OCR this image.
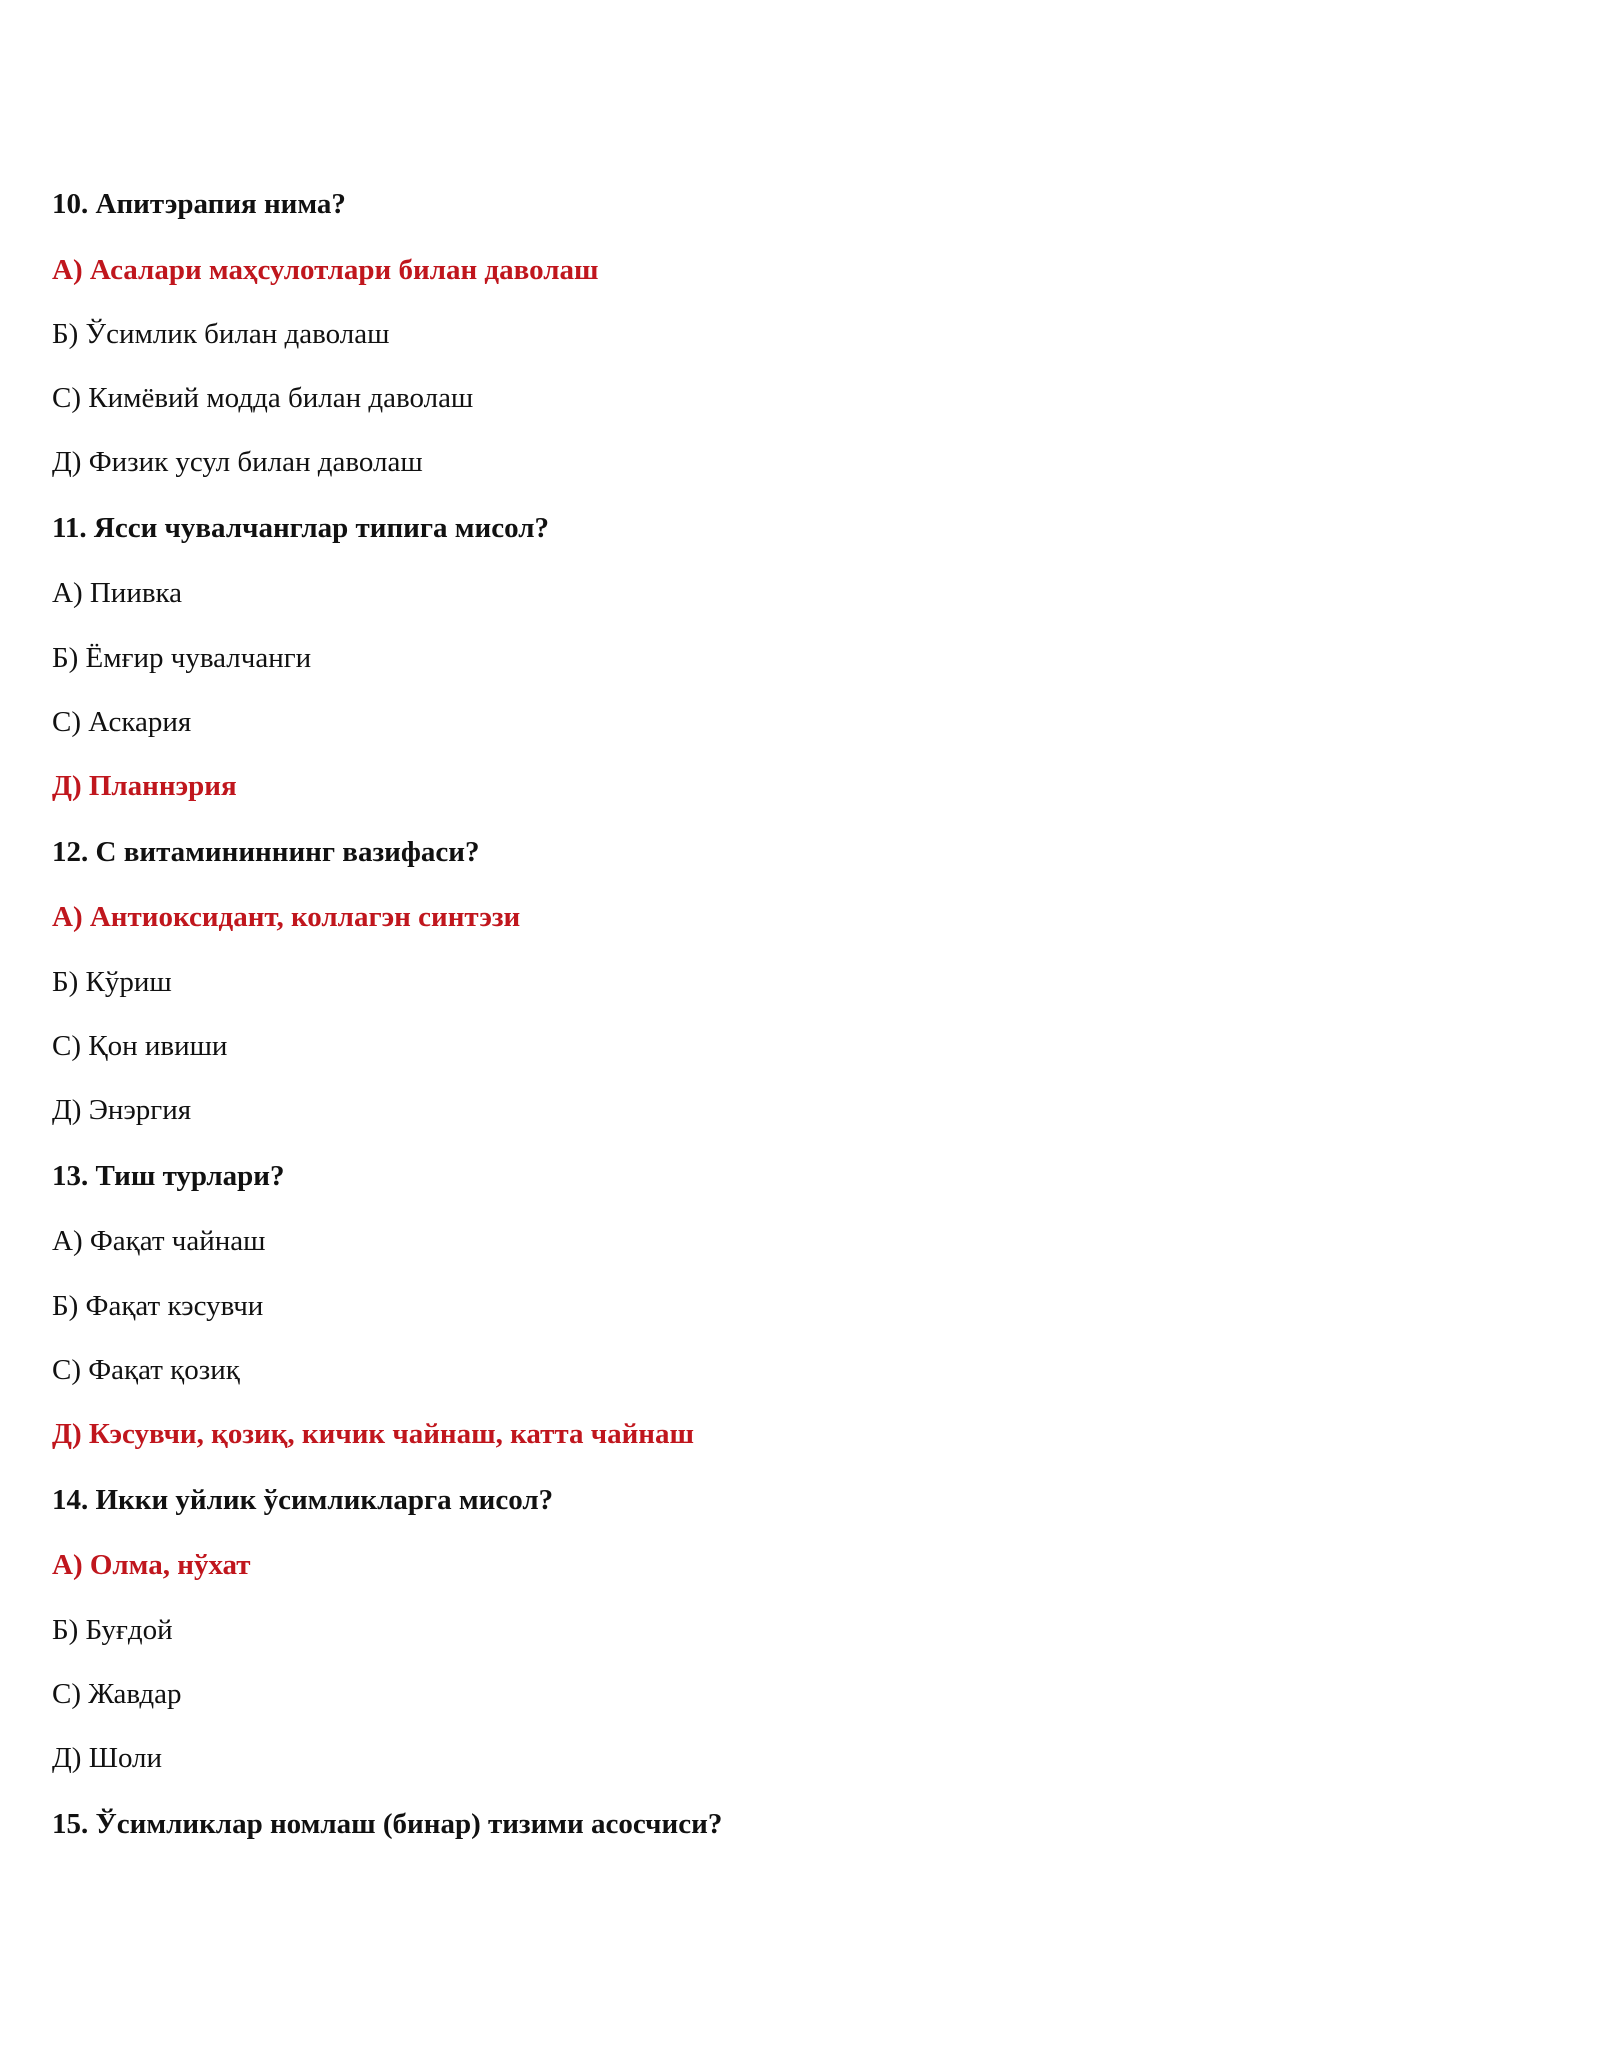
10. Апитэрапия нима?
А) Асалари маҳсулотлари билан даволаш
Б) Ўсимлик билан даволаш
С) Кимёвий модда билан даволаш
Д) Физик усул билан даволаш
11. Ясси чувалчанглар типига мисол?
А) Пиивка
Б) Ёмғир чувалчанги
С) Аскария
Д) Планнэрия
12. С витамининнинг вазифаси?
А) Антиоксидант, коллагэн синтэзи
Б) Кўриш
С) Қон ивиши
Д) Энэргия
13. Тиш турлари?
А) Фақат чайнаш
Б) Фақат кэсувчи
С) Фақат қозиқ
Д) Кэсувчи, қозиқ, кичик чайнаш, катта чайнаш
14. Икки уйлик ўсимликларга мисол?
А) Олма, нўхат
Б) Буғдой
С) Жавдар
Д) Шоли
15. Ўсимликлар номлаш (бинар) тизими асосчиси?
